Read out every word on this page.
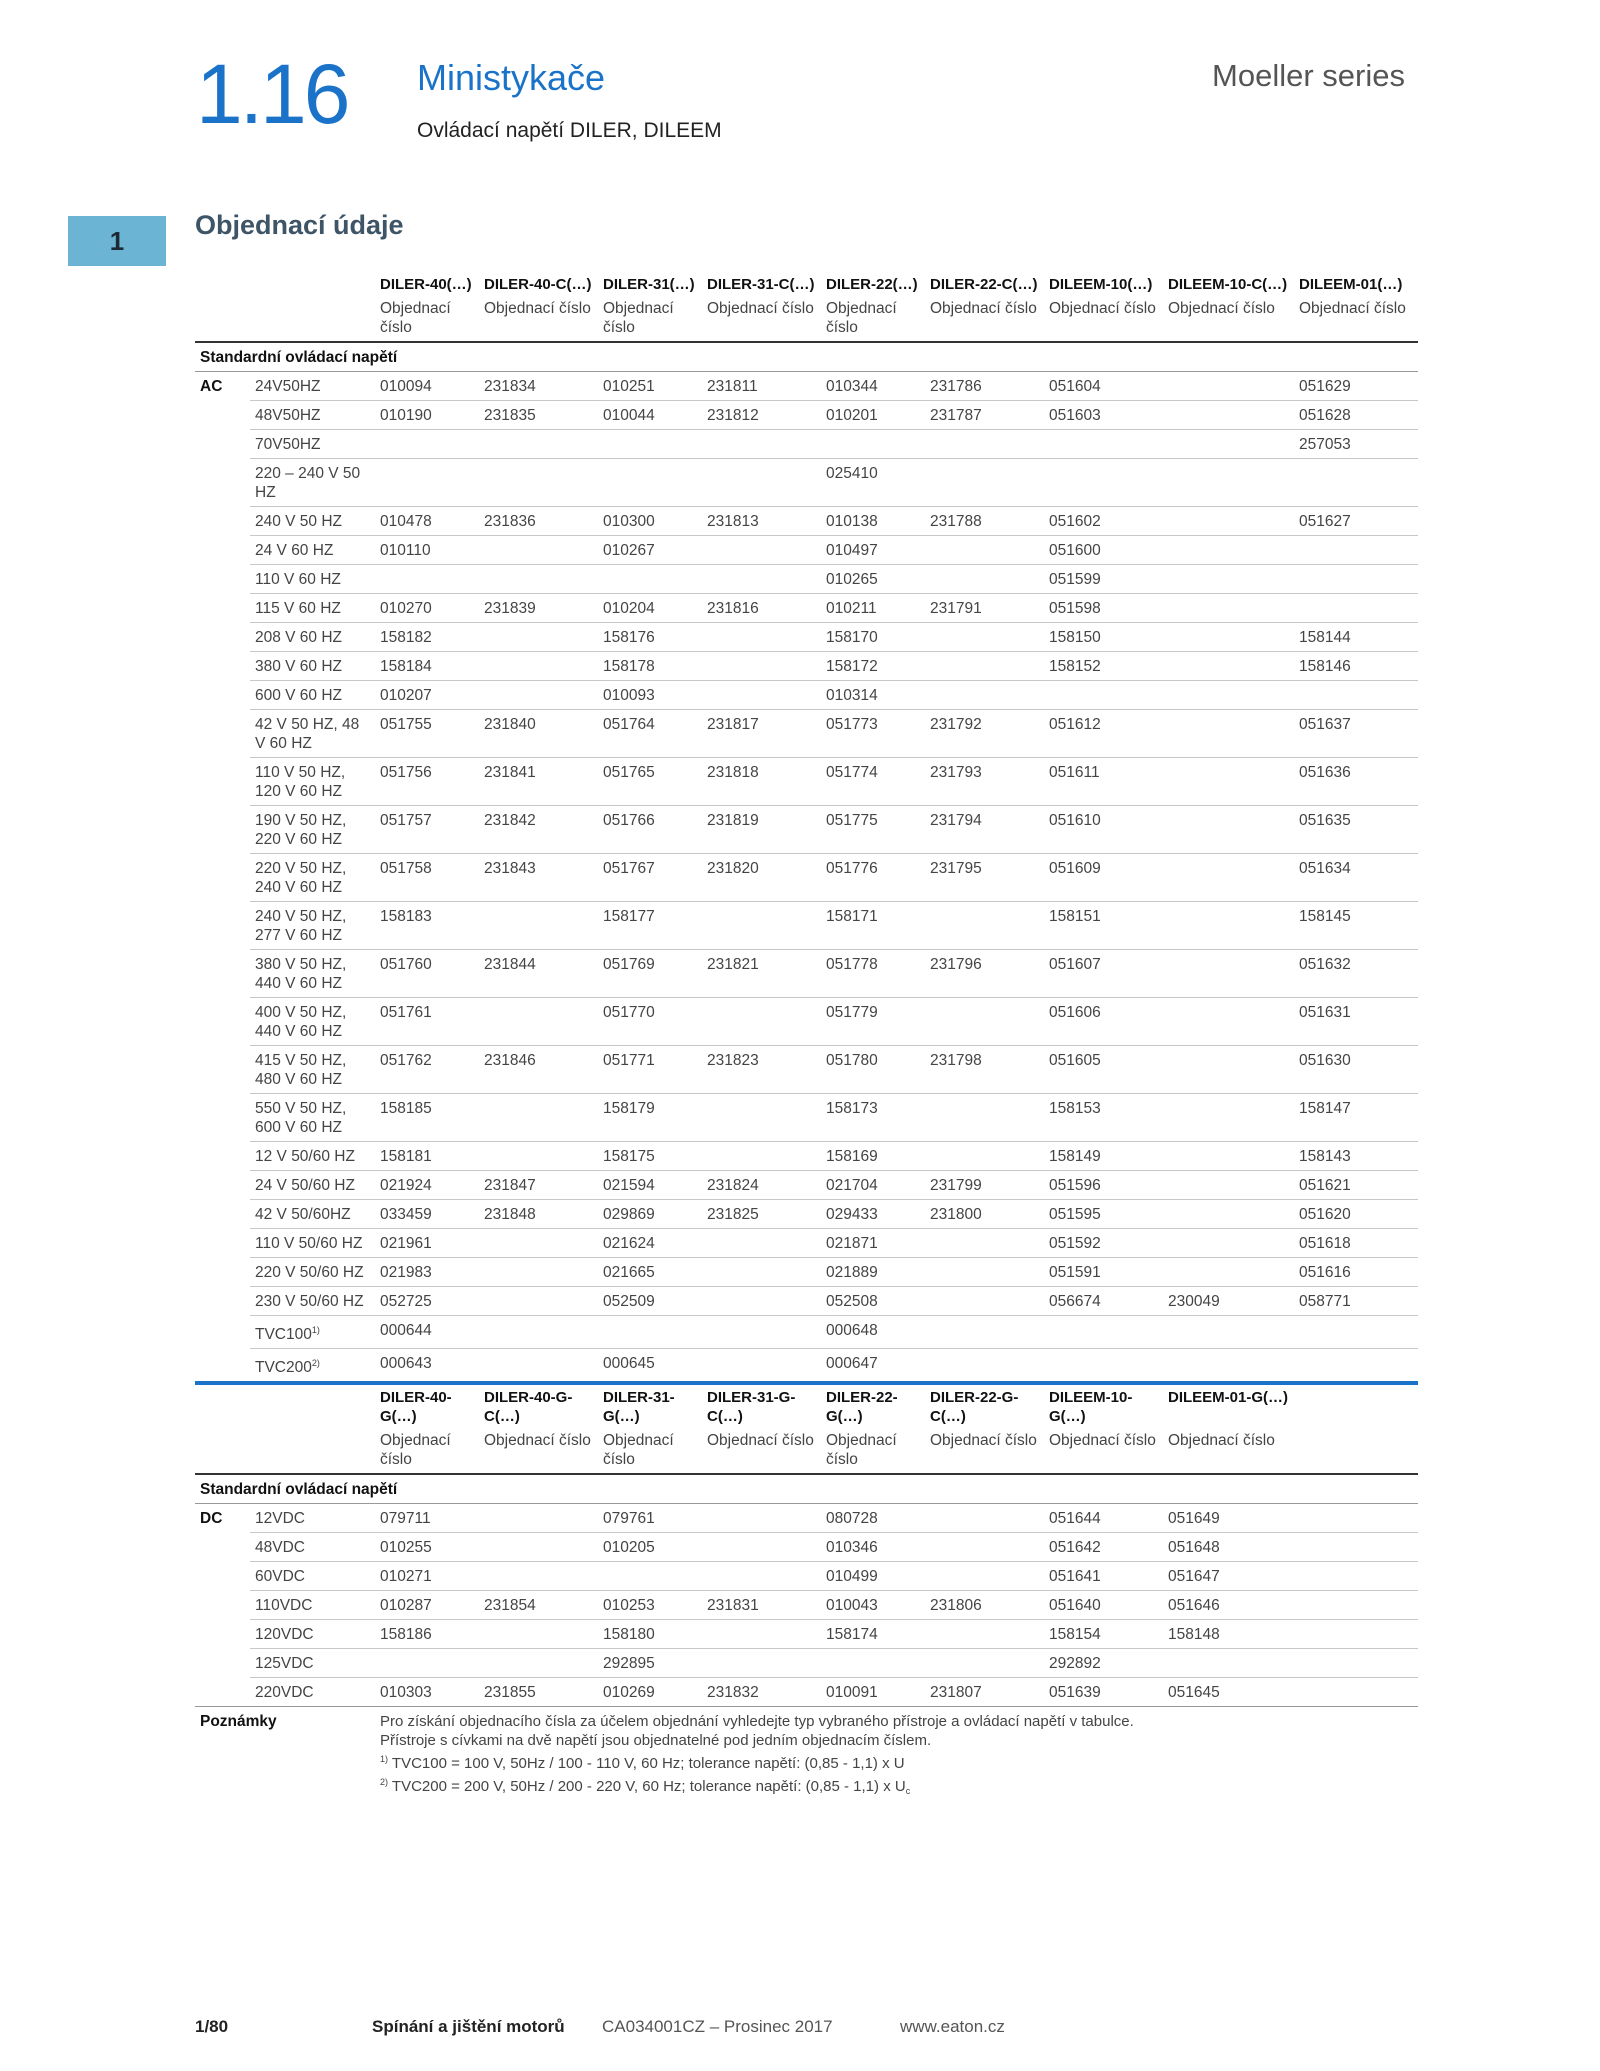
1.16 Ministykače
Ovládací napětí DILER, DILEEM
Moeller series
1
Objednací údaje
		DILER-40(…)	DILER-40-C(…)	DILER-31(…)	DILER-31-C(…)	DILER-22(…)	DILER-22-C(…)	DILEEM-10(…)	DILEEM-10-C(…)	DILEEM-01(…)
		Objednací číslo	Objednací číslo	Objednací číslo	Objednací číslo	Objednací číslo	Objednací číslo	Objednací číslo	Objednací číslo	Objednací číslo
Standardní ovládací napětí										
AC	24V50HZ	010094	231834	010251	231811	010344	231786	051604		051629
	48V50HZ	010190	231835	010044	231812	010201	231787	051603		051628
	70V50HZ									257053
	220 – 240 V 50 HZ					025410				
	240 V 50 HZ	010478	231836	010300	231813	010138	231788	051602		051627
	24 V 60 HZ	010110		010267		010497		051600		
	110 V 60 HZ					010265		051599		
	115 V 60 HZ	010270	231839	010204	231816	010211	231791	051598		
	208 V 60 HZ	158182		158176		158170		158150		158144
	380 V 60 HZ	158184		158178		158172		158152		158146
	600 V 60 HZ	010207		010093		010314				
	42 V 50 HZ, 48 V 60 HZ	051755	231840	051764	231817	051773	231792	051612		051637
	110 V 50 HZ, 120 V 60 HZ	051756	231841	051765	231818	051774	231793	051611		051636
	190 V 50 HZ, 220 V 60 HZ	051757	231842	051766	231819	051775	231794	051610		051635
	220 V 50 HZ, 240 V 60 HZ	051758	231843	051767	231820	051776	231795	051609		051634
	240 V 50 HZ, 277 V 60 HZ	158183		158177		158171		158151		158145
	380 V 50 HZ, 440 V 60 HZ	051760	231844	051769	231821	051778	231796	051607		051632
	400 V 50 HZ, 440 V 60 HZ	051761		051770		051779		051606		051631
	415 V 50 HZ, 480 V 60 HZ	051762	231846	051771	231823	051780	231798	051605		051630
	550 V 50 HZ, 600 V 60 HZ	158185		158179		158173		158153		158147
	12 V 50/60 HZ	158181		158175		158169		158149		158143
	24 V 50/60 HZ	021924	231847	021594	231824	021704	231799	051596		051621
	42 V 50/60HZ	033459	231848	029869	231825	029433	231800	051595		051620
	110 V 50/60 HZ	021961		021624		021871		051592		051618
	220 V 50/60 HZ	021983		021665		021889		051591		051616
	230 V 50/60 HZ	052725		052509		052508		056674	230049	058771
	TVC100$^{1)}$	000644				000648				
	TVC200$^{2)}$	000643		000645		000647				
		DILER-40-G(…)	DILER-40-G-C(…)	DILER-31-G(…)	DILER-31-G-C(…)	DILER-22-G(…)	DILER-22-G-C(…)	DILEEM-10-G(…)	DILEEM-01-G(…)	
		Objednací číslo	Objednací číslo	Objednací číslo	Objednací číslo	Objednací číslo	Objednací číslo	Objednací číslo	Objednací číslo	
Standardní ovládací napětí										
DC	12VDC	079711		079761		080728		051644	051649	
	48VDC	010255		010205		010346		051642	051648	
	60VDC	010271				010499		051641	051647	
	110VDC	010287	231854	010253	231831	010043	231806	051640	051646	
	120VDC	158186		158180		158174		158154	158148	
	125VDC			292895				292892		
	220VDC	010303	231855	010269	231832	010091	231807	051639	051645	
Poznámky		Pro získání objednacího čísla za účelem objednání vyhledejte typ vybraného přístroje a ovládací napětí v tabulce.
Přístroje s cívkami na dvě napětí jsou objednatelné pod jedním objednacím číslem.
$^{1)}$ TVC100 = 100 V, 50Hz / 100 - 110 V, 60 Hz; tolerance napětí: (0,85 - 1,1) x U
$^{2)}$ TVC200 = 200 V, 50Hz / 200 - 220 V, 60 Hz; tolerance napětí: (0,85 - 1,1) x $U_c$
1/80	Spínání a jištění motorů CA034001CZ – Prosinec 2017	www.eaton.cz
